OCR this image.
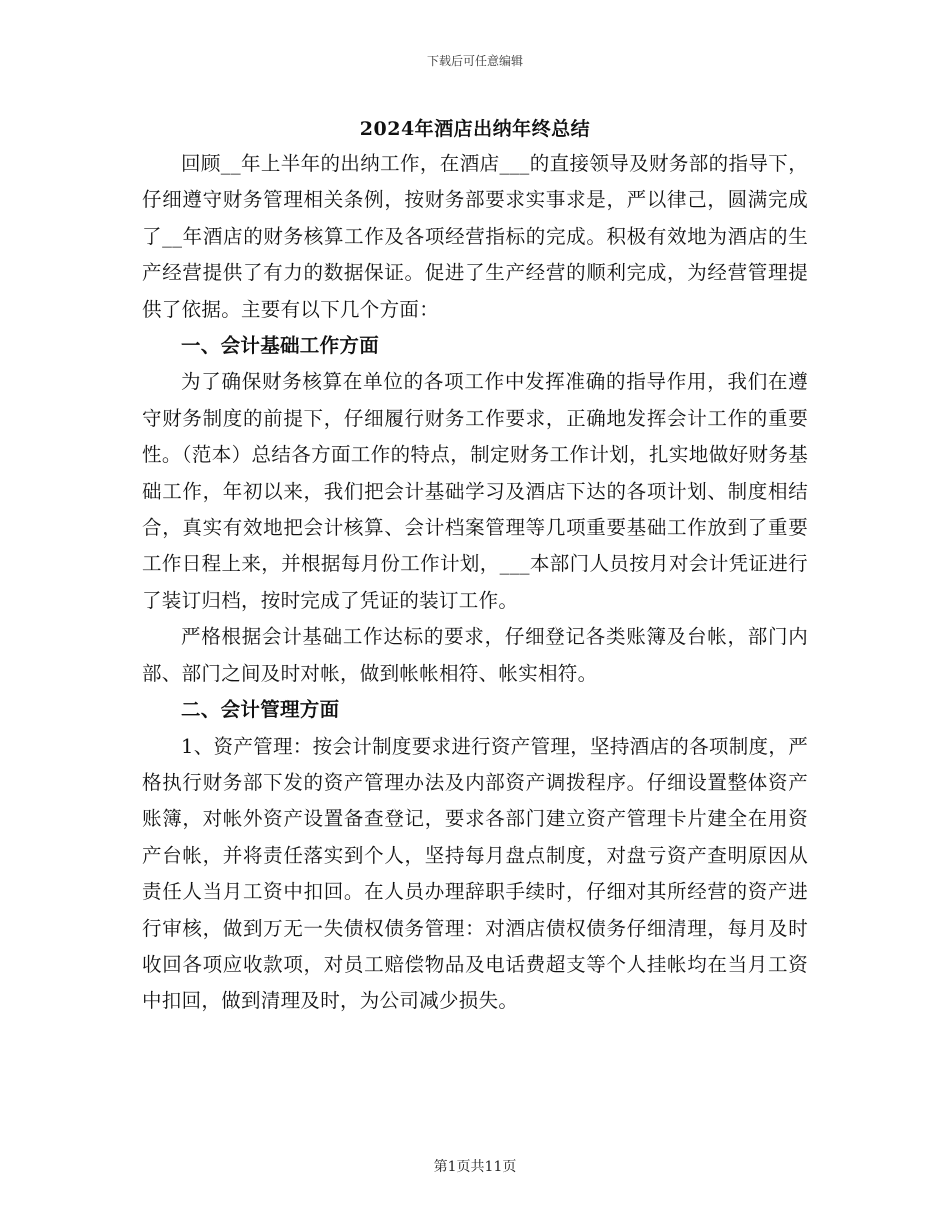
下载后可任意编辑
2024年酒店出纳年终总结

回顾__年上半年的出纳工作，在酒店___的直接领导及财务部的指导下，仔细遵守财务管理相关条例，按财务部要求实事求是，严以律己，圆满完成了__年酒店的财务核算工作及各项经营指标的完成。积极有效地为酒店的生产经营提供了有力的数据保证。促进了生产经营的顺利完成，为经营管理提供了依据。主要有以下几个方面：

一、会计基础工作方面

为了确保财务核算在单位的各项工作中发挥准确的指导作用，我们在遵守财务制度的前提下，仔细履行财务工作要求，正确地发挥会计工作的重要性。（范本）总结各方面工作的特点，制定财务工作计划，扎实地做好财务基础工作，年初以来，我们把会计基础学习及酒店下达的各项计划、制度相结合，真实有效地把会计核算、会计档案管理等几项重要基础工作放到了重要工作日程上来，并根据每月份工作计划，___本部门人员按月对会计凭证进行了装订归档，按时完成了凭证的装订工作。

严格根据会计基础工作达标的要求，仔细登记各类账簿及台帐，部门内部、部门之间及时对帐，做到帐帐相符、帐实相符。

二、会计管理方面

1、资产管理：按会计制度要求进行资产管理，坚持酒店的各项制度，严格执行财务部下发的资产管理办法及内部资产调拨程序。仔细设置整体资产账簿，对帐外资产设置备查登记，要求各部门建立资产管理卡片建全在用资产台帐，并将责任落实到个人，坚持每月盘点制度，对盘亏资产查明原因从责任人当月工资中扣回。在人员办理辞职手续时，仔细对其所经营的资产进行审核，做到万无一失债权债务管理：对酒店债权债务仔细清理，每月及时收回各项应收款项，对员工赔偿物品及电话费超支等个人挂帐均在当月工资中扣回，做到清理及时，为公司减少损失。

第1页共11页
